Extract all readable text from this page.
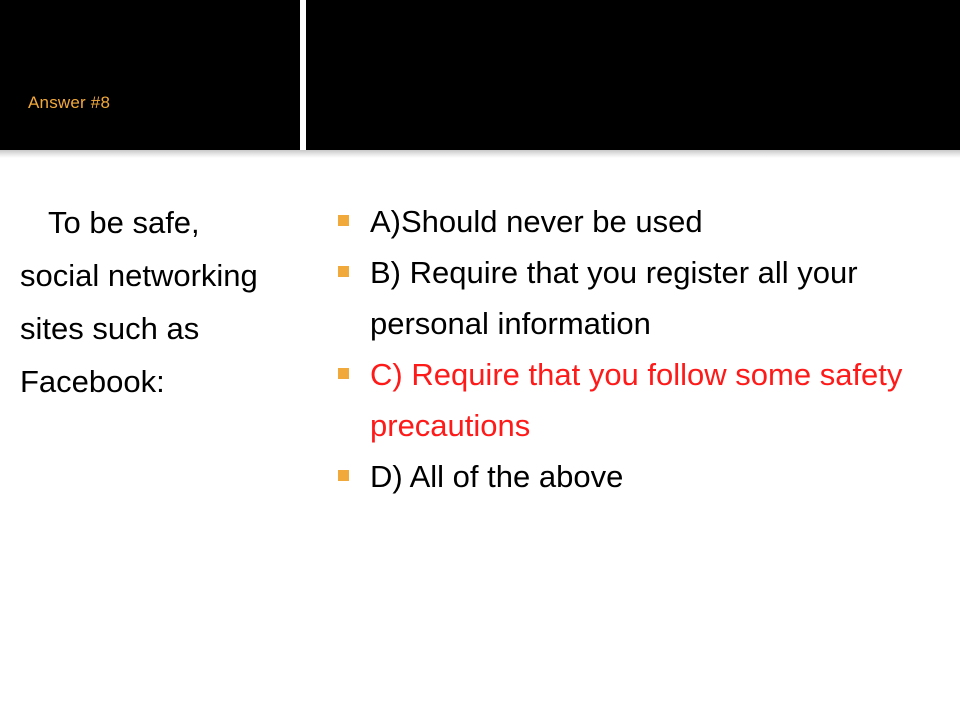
Answer #8
To be safe, social networking sites such as Facebook:
A)Should never be used
B) Require that you register all your personal information
C) Require that you follow some safety precautions
D) All of the above
